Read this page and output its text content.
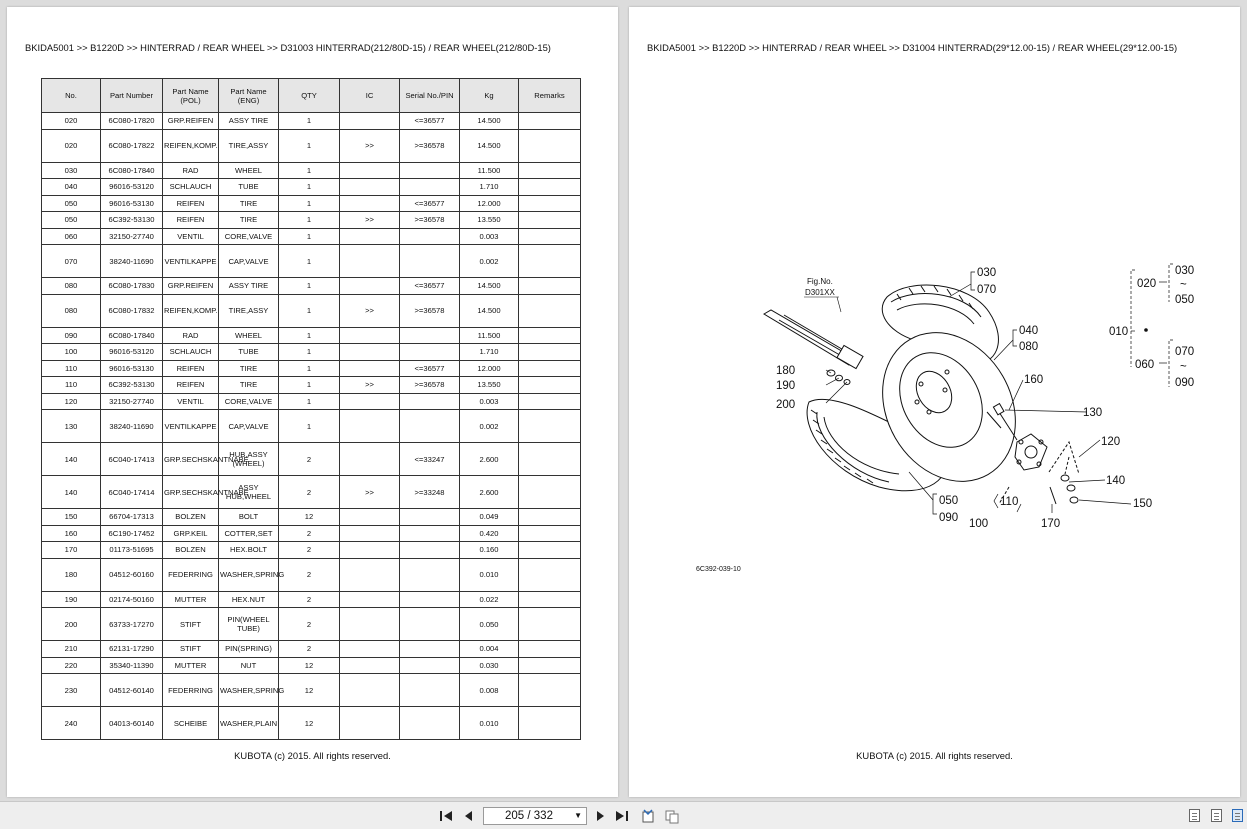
BKIDA5001 >> B1220D >> HINTERRAD / REAR WHEEL >> D31003 HINTERRAD(212/80D-15) / REAR WHEEL(212/80D-15)
No.	Part Number	Part Name (POL)	Part Name (ENG)	QTY	IC	Serial No./PIN	Kg	Remarks
020	6C080-17820	GRP.REIFEN	ASSY TIRE	1		<=36577	14.500	
020	6C080-17822	REIFEN,KOMP.	TIRE,ASSY	1	>>	>=36578	14.500	
030	6C080-17840	RAD	WHEEL	1			11.500	
040	96016-53120	SCHLAUCH	TUBE	1			1.710	
050	96016-53130	REIFEN	TIRE	1		<=36577	12.000	
050	6C392-53130	REIFEN	TIRE	1	>>	>=36578	13.550	
060	32150-27740	VENTIL	CORE,VALVE	1			0.003	
070	38240-11690	VENTILKAPPE	CAP,VALVE	1			0.002	
080	6C080-17830	GRP.REIFEN	ASSY TIRE	1		<=36577	14.500	
080	6C080-17832	REIFEN,KOMP.	TIRE,ASSY	1	>>	>=36578	14.500	
090	6C080-17840	RAD	WHEEL	1			11.500	
100	96016-53120	SCHLAUCH	TUBE	1			1.710	
110	96016-53130	REIFEN	TIRE	1		<=36577	12.000	
110	6C392-53130	REIFEN	TIRE	1	>>	>=36578	13.550	
120	32150-27740	VENTIL	CORE,VALVE	1			0.003	
130	38240-11690	VENTILKAPPE	CAP,VALVE	1			0.002	
140	6C040-17413	GRP.SECHSKANTNABE	HUB,ASSY (WHEEL)	2		<=33247	2.600	
140	6C040-17414	GRP.SECHSKANTNABE	ASSY HUB,WHEEL	2	>>	>=33248	2.600	
150	66704-17313	BOLZEN	BOLT	12			0.049	
160	6C190-17452	GRP.KEIL	COTTER,SET	2			0.420	
170	01173-51695	BOLZEN	HEX.BOLT	2			0.160	
180	04512-60160	FEDERRING	WASHER,SPRING	2			0.010	
190	02174-50160	MUTTER	HEX.NUT	2			0.022	
200	63733-17270	STIFT	PIN(WHEEL TUBE)	2			0.050	
210	62131-17290	STIFT	PIN(SPRING)	2			0.004	
220	35340-11390	MUTTER	NUT	12			0.030	
230	04512-60140	FEDERRING	WASHER,SPRING	12			0.008	
240	04013-60140	SCHEIBE	WASHER,PLAIN	12			0.010	
KUBOTA (c) 2015. All rights reserved.
BKIDA5001 >> B1220D >> HINTERRAD / REAR WHEEL >> D31004 HINTERRAD(29*12.00-15) / REAR WHEEL(29*12.00-15)
Fig.No.
D301XX
030
070
040
080
180
190
200
160
130
120
140
150
050
090
110
100	170
010
020
030
~
050
060
070
~
090
6C392-039-10
KUBOTA (c) 2015. All rights reserved.
205 / 332	▼
